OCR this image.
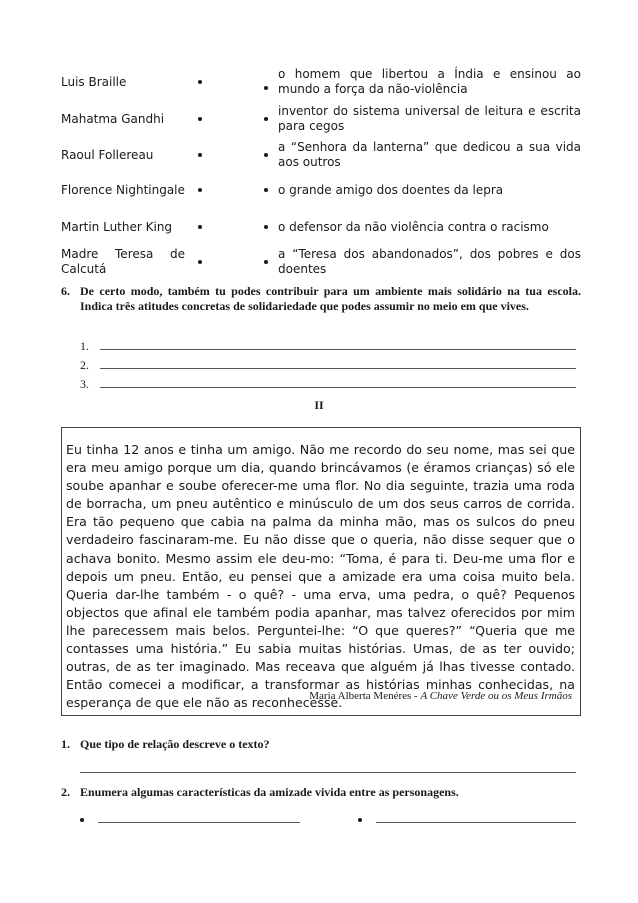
Luis Braille
o homem que libertou a Índia e ensinou ao mundo a força da não-violência
Mahatma Gandhi
inventor do sistema universal de leitura e escrita para cegos
Raoul Follereau
a “Senhora da lanterna” que dedicou a sua vida aos outros
Florence Nightingale	o grande amigo dos doentes da lepra
Martin Luther King	o defensor da não violência contra o racismo
Madre Teresa de Calcutá
a “Teresa dos abandonados”, dos pobres e dos doentes
6. De certo modo, também tu podes contribuir para um ambiente mais solidário na tua escola. Indica três atitudes concretas de solidariedade que podes assumir no meio em que vives.
1.
2.
3.
II
Eu tinha 12 anos e tinha um amigo. Não me recordo do seu nome, mas sei que era meu amigo porque um dia, quando brincávamos (e éramos crianças) só ele soube apanhar e soube oferecer-me uma flor. No dia seguinte, trazia uma roda de borracha, um pneu autêntico e minúsculo de um dos seus carros de corrida. Era tão pequeno que cabia na palma da minha mão, mas os sulcos do pneu verdadeiro fascinaram-me. Eu não disse que o queria, não disse sequer que o achava bonito. Mesmo assim ele deu-mo: “Toma, é para ti. Deu-me uma flor e depois um pneu. Então, eu pensei que a amizade era uma coisa muito bela. Queria dar-lhe também - o quê? - uma erva, uma pedra, o quê? Pequenos objectos que afinal ele também podia apanhar, mas talvez oferecidos por mim lhe parecessem mais belos. Perguntei-lhe: “O que queres?” “Queria que me contasses uma história.” Eu sabia muitas histórias. Umas, de as ter ouvido; outras, de as ter imaginado. Mas receava que alguém já lhas tivesse contado. Então comecei a modificar, a transformar as histórias minhas conhecidas, na esperança de que ele não as reconhecesse.
Maria Alberta Menéres - A Chave Verde ou os Meus Irmãos
1. Que tipo de relação descreve o texto?
2. Enumera algumas características da amizade vivida entre as personagens.
